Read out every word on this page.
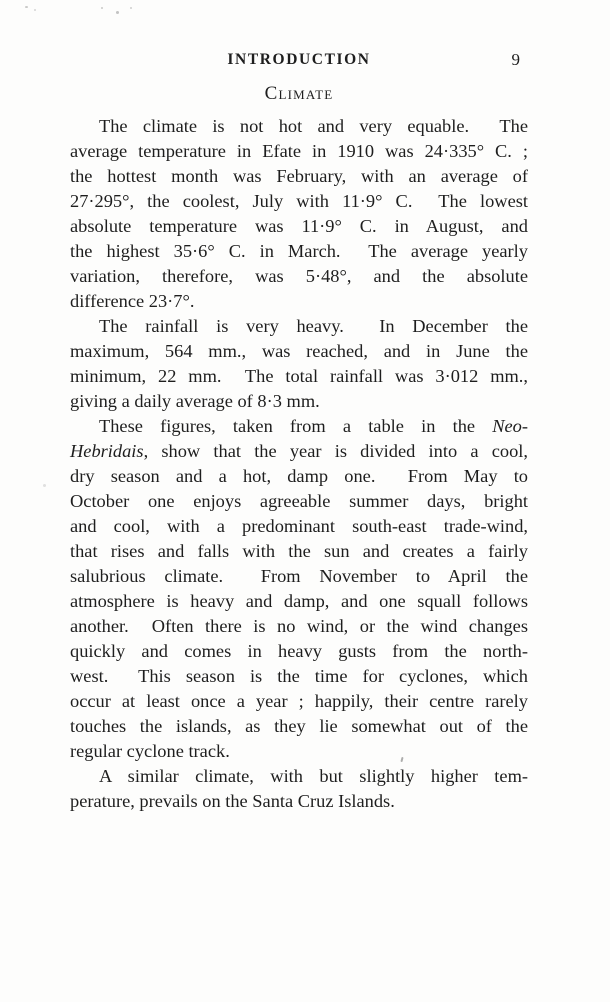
INTRODUCTION	9
Climate
The climate is not hot and very equable.  The
average temperature in Efate in 1910 was 24·335° C. ;
the hottest month was February, with an average of
27·295°, the coolest, July with 11·9° C.  The lowest
absolute temperature was 11·9° C. in August, and
the highest 35·6° C. in March.  The average yearly
variation, therefore, was 5·48°, and the absolute
difference 23·7°.
The rainfall is very heavy.  In December the
maximum, 564 mm., was reached, and in June the
minimum, 22 mm.  The total rainfall was 3·012 mm.,
giving a daily average of 8·3 mm.
These figures, taken from a table in the Neo-
Hebridais, show that the year is divided into a cool,
dry season and a hot, damp one.  From May to
October one enjoys agreeable summer days, bright
and cool, with a predominant south-east trade-wind,
that rises and falls with the sun and creates a fairly
salubrious climate.  From November to April the
atmosphere is heavy and damp, and one squall follows
another.  Often there is no wind, or the wind changes
quickly and comes in heavy gusts from the north-
west.  This season is the time for cyclones, which
occur at least once a year ; happily, their centre rarely
touches the islands, as they lie somewhat out of the
regular cyclone track.
A similar climate, with but slightly higher tem-
perature, prevails on the Santa Cruz Islands.
